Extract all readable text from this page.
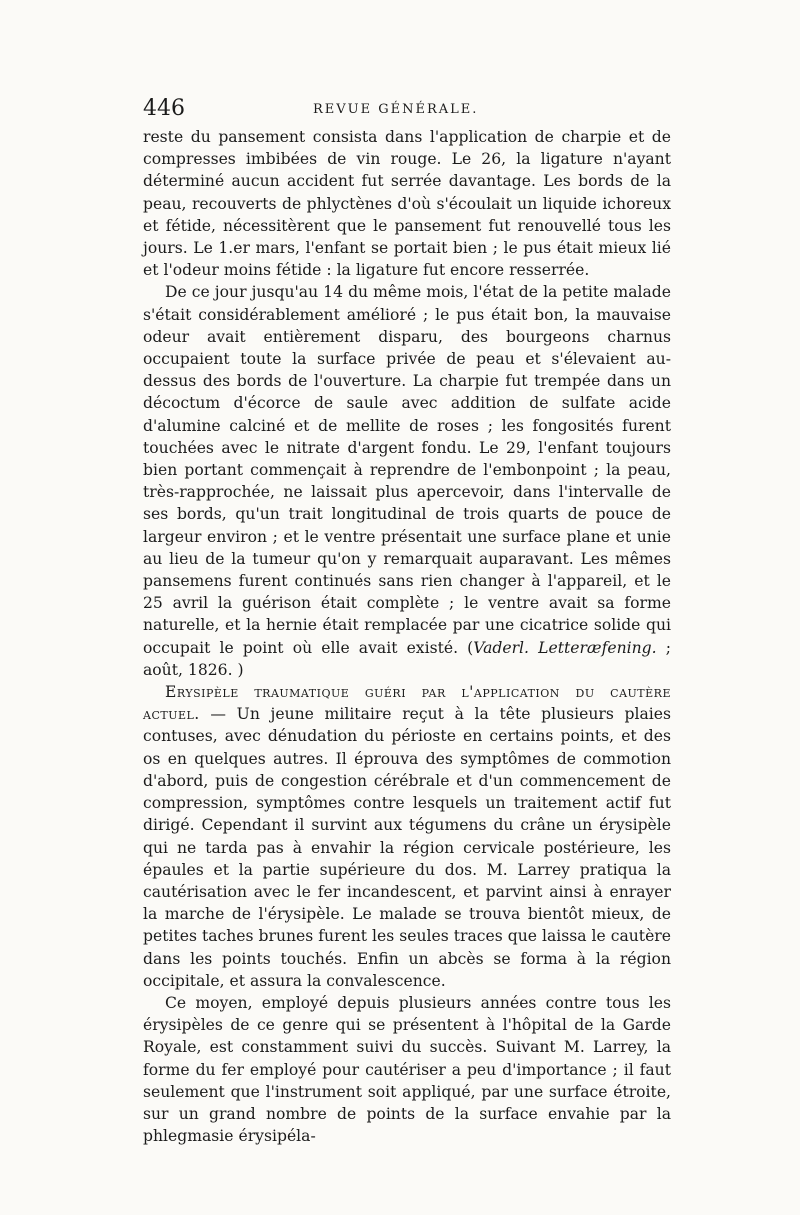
446	REVUE GÉNÉRALE.

reste du pansement consista dans l'application de charpie et de compresses imbibées de vin rouge. Le 26, la ligature n'ayant déterminé aucun accident fut serrée davantage. Les bords de la peau, recouverts de phlyctènes d'où s'écoulait un liquide ichoreux et fétide, nécessitèrent que le pansement fut renouvellé tous les jours. Le 1.er mars, l'enfant se portait bien ; le pus était mieux lié et l'odeur moins fétide : la ligature fut encore resserrée.

De ce jour jusqu'au 14 du même mois, l'état de la petite malade s'était considérablement amélioré ; le pus était bon, la mauvaise odeur avait entièrement disparu, des bourgeons charnus occupaient toute la surface privée de peau et s'élevaient au-dessus des bords de l'ouverture. La charpie fut trempée dans un décoctum d'écorce de saule avec addition de sulfate acide d'alumine calciné et de mellite de roses ; les fongosités furent touchées avec le nitrate d'argent fondu. Le 29, l'enfant toujours bien portant commençait à reprendre de l'embonpoint ; la peau, très-rapprochée, ne laissait plus apercevoir, dans l'intervalle de ses bords, qu'un trait longitudinal de trois quarts de pouce de largeur environ ; et le ventre présentait une surface plane et unie au lieu de la tumeur qu'on y remarquait auparavant. Les mêmes pansemens furent continués sans rien changer à l'appareil, et le 25 avril la guérison était complète ; le ventre avait sa forme naturelle, et la hernie était remplacée par une cicatrice solide qui occupait le point où elle avait existé. (Vaderl. Letteræfening. ; août, 1826. )

Erysipèle traumatique guéri par l'application du cautère actuel. — Un jeune militaire reçut à la tête plusieurs plaies contuses, avec dénudation du périoste en certains points, et des os en quelques autres. Il éprouva des symptômes de commotion d'abord, puis de congestion cérébrale et d'un commencement de compression, symptômes contre lesquels un traitement actif fut dirigé. Cependant il survint aux tégumens du crâne un érysipèle qui ne tarda pas à envahir la région cervicale postérieure, les épaules et la partie supérieure du dos. M. Larrey pratiqua la cautérisation avec le fer incandescent, et parvint ainsi à enrayer la marche de l'érysipèle. Le malade se trouva bientôt mieux, de petites taches brunes furent les seules traces que laissa le cautère dans les points touchés. Enfin un abcès se forma à la région occipitale, et assura la convalescence.

Ce moyen, employé depuis plusieurs années contre tous les érysipèles de ce genre qui se présentent à l'hôpital de la Garde Royale, est constamment suivi du succès. Suivant M. Larrey, la forme du fer employé pour cautériser a peu d'importance ; il faut seulement que l'instrument soit appliqué, par une surface étroite, sur un grand nombre de points de la surface envahie par la phlegmasie érysipéla-
